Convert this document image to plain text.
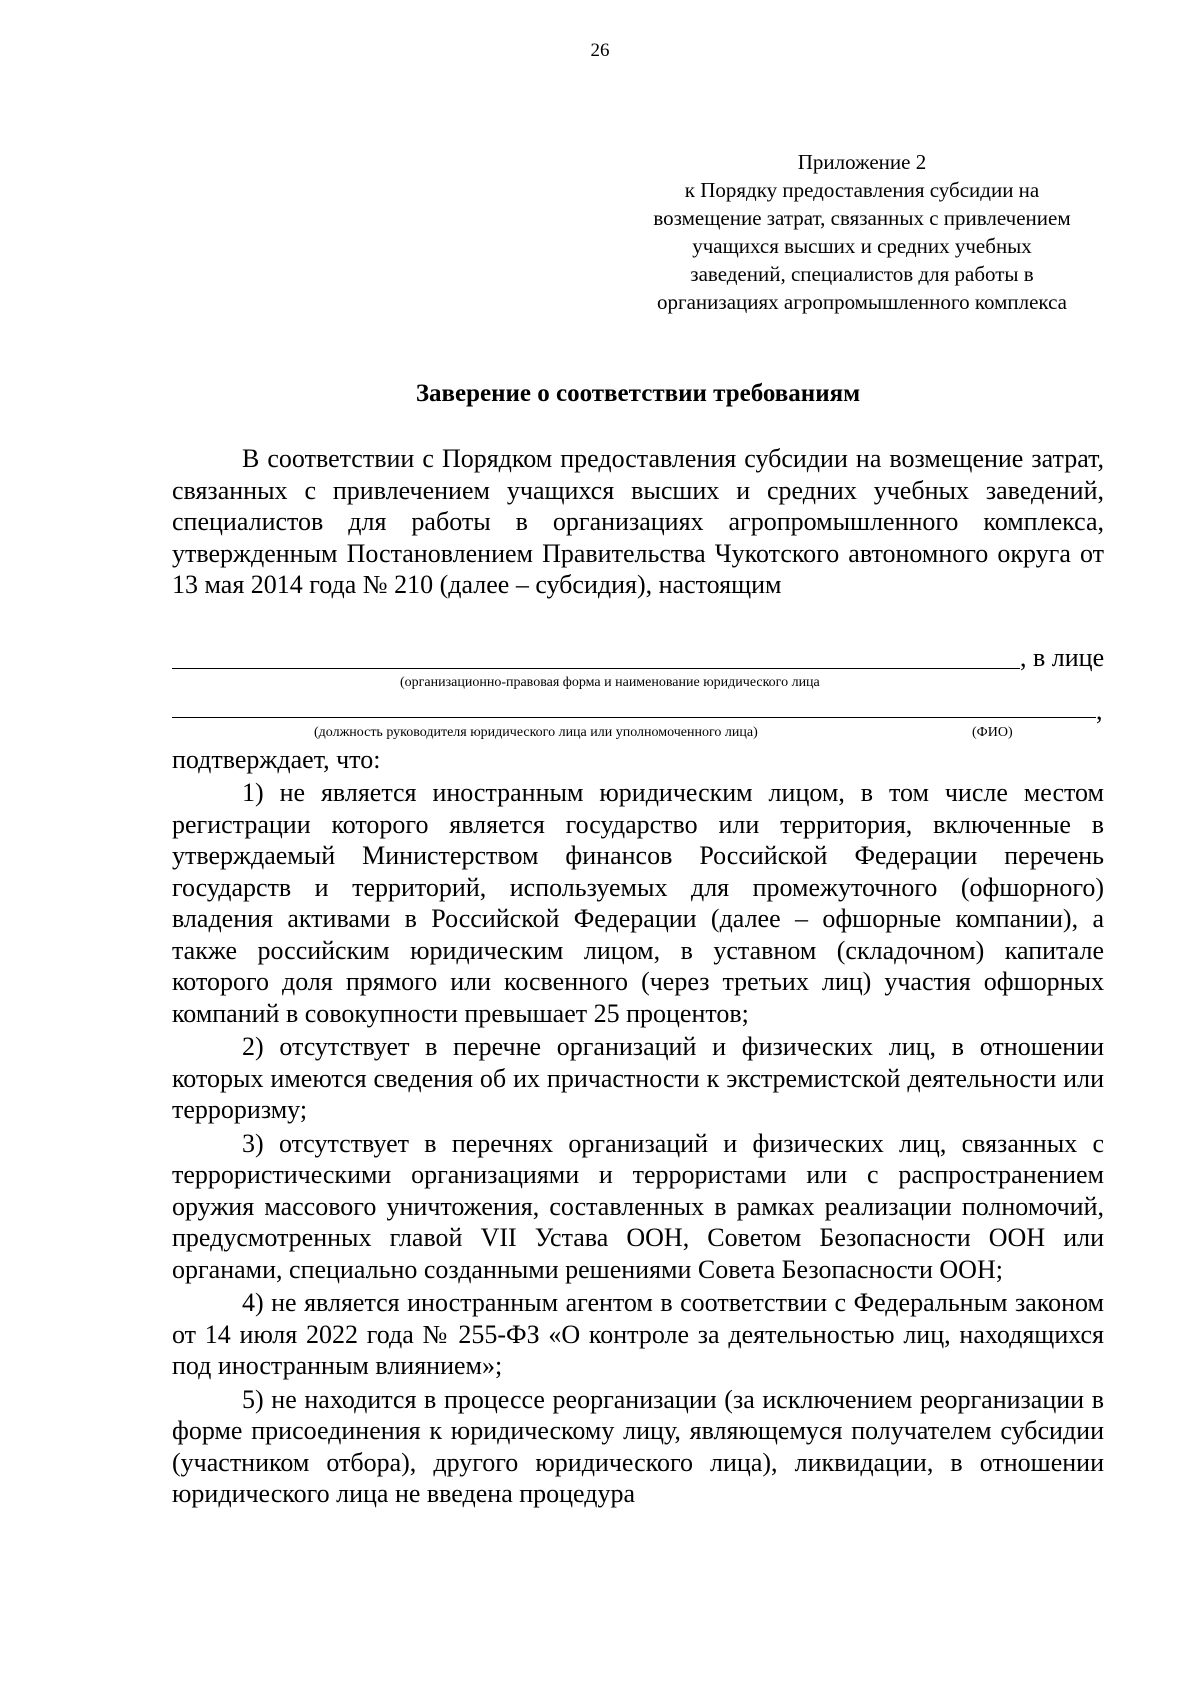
26
Приложение 2
к Порядку предоставления субсидии на
возмещение затрат, связанных с привлечением
учащихся высших и средних учебных
заведений, специалистов для работы в
организациях агропромышленного комплекса
Заверение о соответствии требованиям
В соответствии с Порядком предоставления субсидии на возмещение затрат, связанных с привлечением учащихся высших и средних учебных заведений, специалистов для работы в организациях агропромышленного комплекса, утвержденным Постановлением Правительства Чукотского автономного округа от 13 мая 2014 года № 210 (далее – субсидия), настоящим
, в лице
(организационно-правовая форма и наименование юридического лица
,
(должность руководителя юридического лица или уполномоченного лица)	(ФИО)
подтверждает, что:

1) не является иностранным юридическим лицом, в том числе местом регистрации которого является государство или территория, включенные в утверждаемый Министерством финансов Российской Федерации перечень государств и территорий, используемых для промежуточного (офшорного) владения активами в Российской Федерации (далее – офшорные компании), а также российским юридическим лицом, в уставном (складочном) капитале которого доля прямого или косвенного (через третьих лиц) участия офшорных компаний в совокупности превышает 25 процентов;

2) отсутствует в перечне организаций и физических лиц, в отношении которых имеются сведения об их причастности к экстремистской деятельности или терроризму;

3) отсутствует в перечнях организаций и физических лиц, связанных с террористическими организациями и террористами или с распространением оружия массового уничтожения, составленных в рамках реализации полномочий, предусмотренных главой VII Устава ООН, Советом Безопасности ООН или органами, специально созданными решениями Совета Безопасности ООН;

4) не является иностранным агентом в соответствии с Федеральным законом от 14 июля 2022 года № 255-ФЗ «О контроле за деятельностью лиц, находящихся под иностранным влиянием»;

5) не находится в процессе реорганизации (за исключением реорганизации в форме присоединения к юридическому лицу, являющемуся получателем субсидии (участником отбора), другого юридического лица), ликвидации, в отношении юридического лица не введена процедура
